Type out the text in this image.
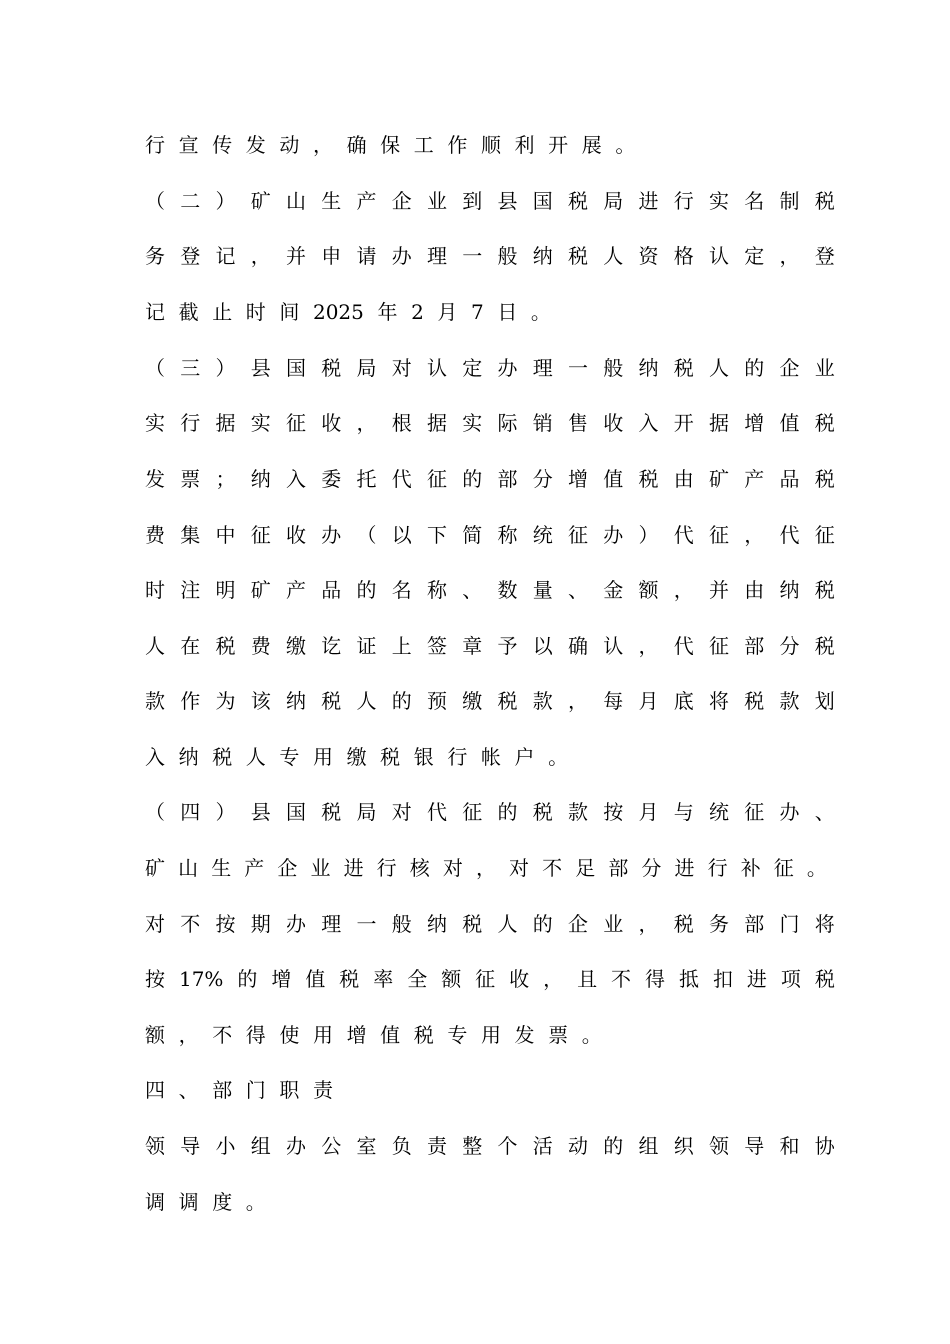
行 宣 传 发 动 ， 确 保 工 作 顺 利 开 展 。
（ 二 ） 矿 山 生 产 企 业 到 县 国 税 局 进 行 实 名 制 税
务 登 记 ， 并 申 请 办 理 一 般 纳 税 人 资 格 认 定 ， 登
记 截 止 时 间 2025 年 2 月 7 日 。
（ 三 ） 县 国 税 局 对 认 定 办 理 一 般 纳 税 人 的 企 业
实 行 据 实 征 收 ， 根 据 实 际 销 售 收 入 开 据 增 值 税
发 票 ； 纳 入 委 托 代 征 的 部 分 增 值 税 由 矿 产 品 税
费 集 中 征 收 办 （ 以 下 简 称 统 征 办 ） 代 征 ， 代 征
时 注 明 矿 产 品 的 名 称 、 数 量 、 金 额 ， 并 由 纳 税
人 在 税 费 缴 讫 证 上 签 章 予 以 确 认 ， 代 征 部 分 税
款 作 为 该 纳 税 人 的 预 缴 税 款 ， 每 月 底 将 税 款 划
入 纳 税 人 专 用 缴 税 银 行 帐 户 。
（ 四 ） 县 国 税 局 对 代 征 的 税 款 按 月 与 统 征 办 、
矿 山 生 产 企 业 进 行 核 对 ， 对 不 足 部 分 进 行 补 征 。
对 不 按 期 办 理 一 般 纳 税 人 的 企 业 ， 税 务 部 门 将
按 17% 的 增 值 税 率 全 额 征 收 ， 且 不 得 抵 扣 进 项 税
额 ， 不 得 使 用 增 值 税 专 用 发 票 。
四 、 部 门 职 责
领 导 小 组 办 公 室 负 责 整 个 活 动 的 组 织 领 导 和 协
调 调 度 。
